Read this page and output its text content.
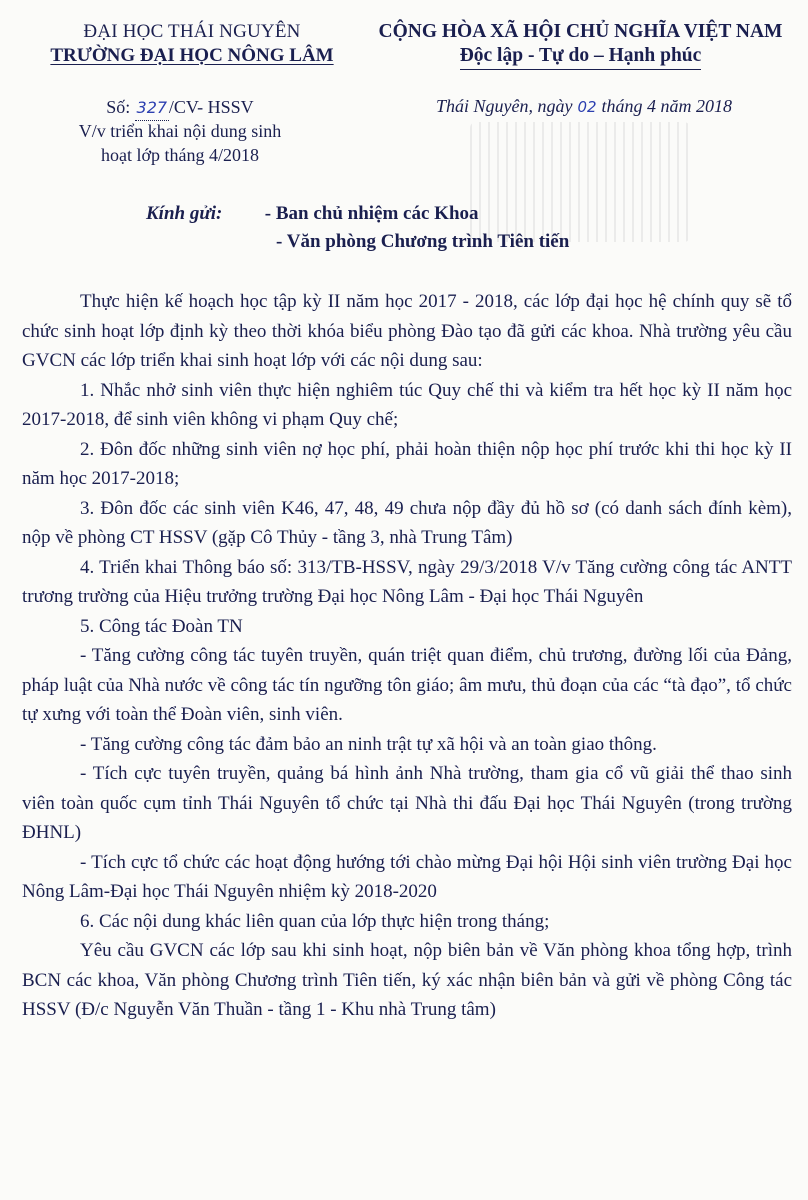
ĐẠI HỌC THÁI NGUYÊN
TRƯỜNG ĐẠI HỌC NÔNG LÂM
CỘNG HÒA XÃ HỘI CHỦ NGHĨA VIỆT NAM
Độc lập - Tự do – Hạnh phúc
Số: 327/CV- HSSV
V/v triển khai nội dung sinh
hoạt lớp tháng 4/2018
Thái Nguyên, ngày 02 tháng 4 năm 2018
Kính gửi: - Ban chủ nhiệm các Khoa
- Văn phòng Chương trình Tiên tiến

Thực hiện kế hoạch học tập kỳ II năm học 2017 - 2018, các lớp đại học hệ chính quy sẽ tổ chức sinh hoạt lớp định kỳ theo thời khóa biểu phòng Đào tạo đã gửi các khoa. Nhà trường yêu cầu GVCN các lớp triển khai sinh hoạt lớp với các nội dung sau:

1. Nhắc nhở sinh viên thực hiện nghiêm túc Quy chế thi và kiểm tra hết học kỳ II năm học 2017-2018, để sinh viên không vi phạm Quy chế;

2. Đôn đốc những sinh viên nợ học phí, phải hoàn thiện nộp học phí trước khi thi học kỳ II năm học 2017-2018;

3. Đôn đốc các sinh viên K46, 47, 48, 49 chưa nộp đầy đủ hồ sơ (có danh sách đính kèm), nộp về phòng CT HSSV (gặp Cô Thủy - tầng 3, nhà Trung Tâm)

4. Triển khai Thông báo số: 313/TB-HSSV, ngày 29/3/2018 V/v Tăng cường công tác ANTT trương trường của Hiệu trưởng trường Đại học Nông Lâm - Đại học Thái Nguyên

5. Công tác Đoàn TN

- Tăng cường công tác tuyên truyền, quán triệt quan điểm, chủ trương, đường lối của Đảng, pháp luật của Nhà nước về công tác tín ngưỡng tôn giáo; âm mưu, thủ đoạn của các “tà đạo”, tổ chức tự xưng với toàn thể Đoàn viên, sinh viên.

- Tăng cường công tác đảm bảo an ninh trật tự xã hội và an toàn giao thông.

- Tích cực tuyên truyền, quảng bá hình ảnh Nhà trường, tham gia cổ vũ giải thể thao sinh viên toàn quốc cụm tỉnh Thái Nguyên tổ chức tại Nhà thi đấu Đại học Thái Nguyên (trong trường ĐHNL)

- Tích cực tổ chức các hoạt động hướng tới chào mừng Đại hội Hội sinh viên trường Đại học Nông Lâm-Đại học Thái Nguyên nhiệm kỳ 2018-2020

6. Các nội dung khác liên quan của lớp thực hiện trong tháng;

Yêu cầu GVCN các lớp sau khi sinh hoạt, nộp biên bản về Văn phòng khoa tổng hợp, trình BCN các khoa, Văn phòng Chương trình Tiên tiến, ký xác nhận biên bản và gửi về phòng Công tác HSSV (Đ/c Nguyễn Văn Thuần - tầng 1 - Khu nhà Trung tâm)
